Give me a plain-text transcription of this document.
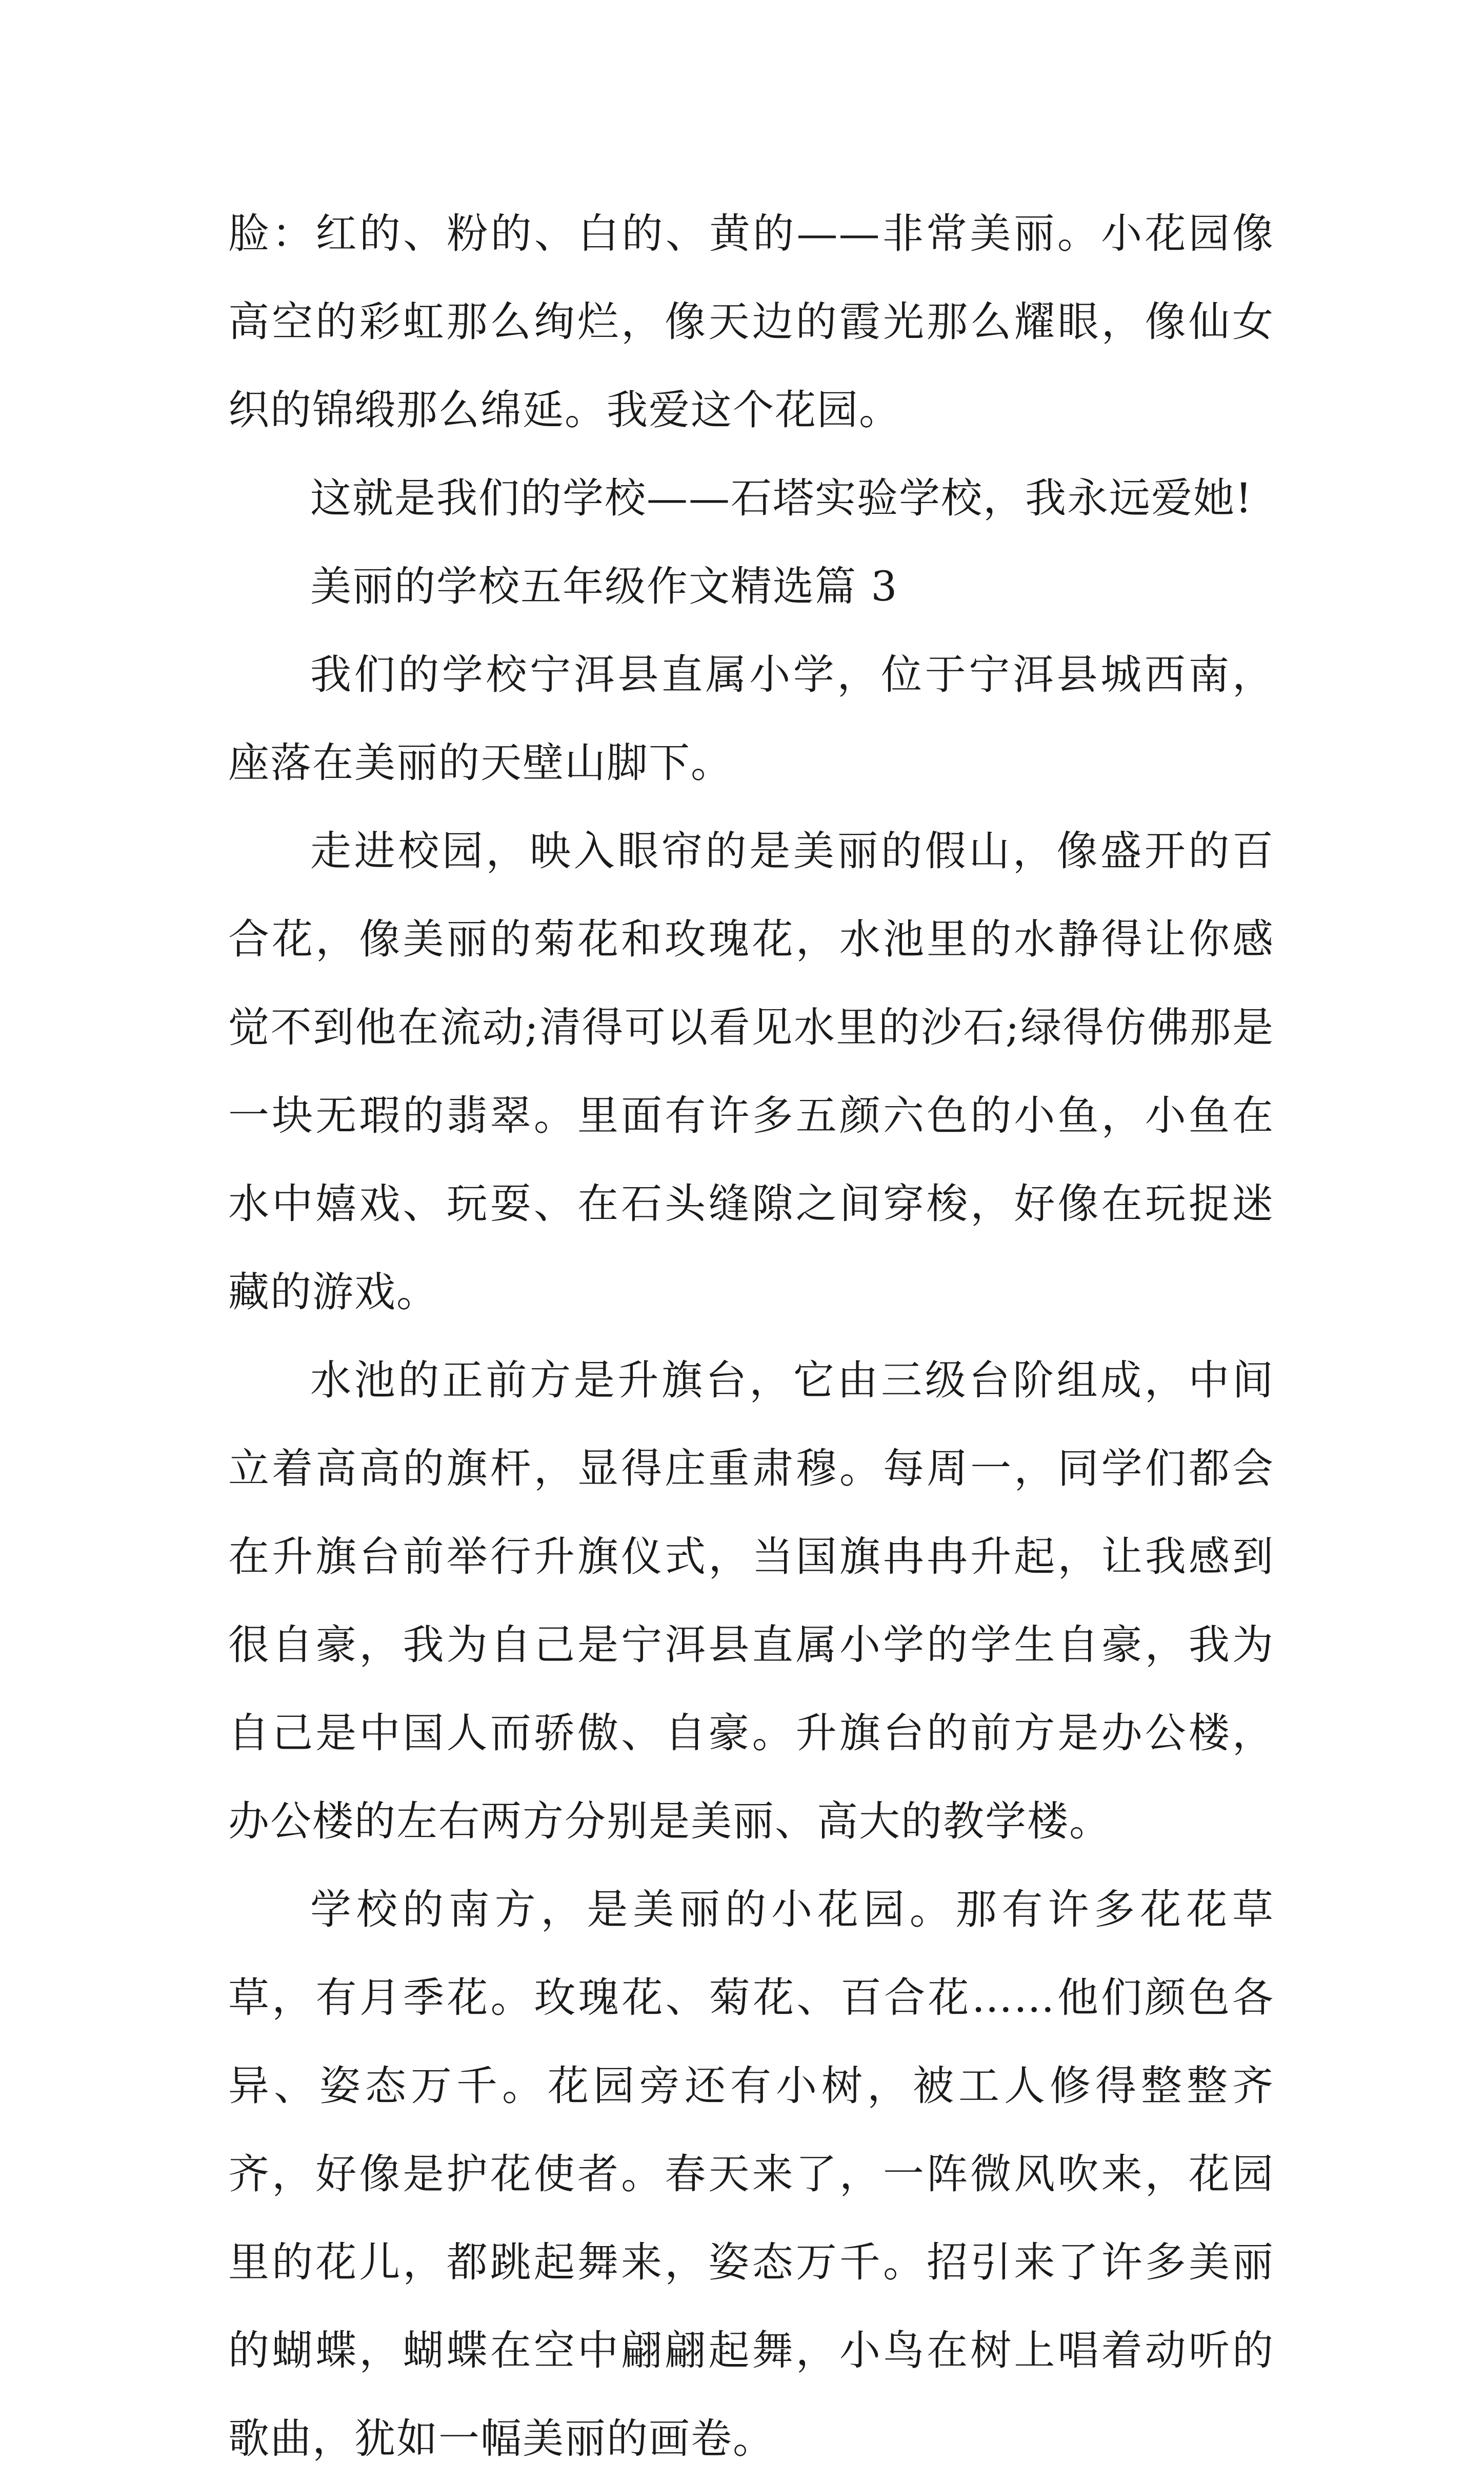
脸：红的、粉的、白的、黄的——非常美丽。小花园像高空的彩虹那么绚烂，像天边的霞光那么耀眼，像仙女织的锦缎那么绵延。我爱这个花园。

这就是我们的学校——石塔实验学校，我永远爱她!

美丽的学校五年级作文精选篇 3

我们的学校宁洱县直属小学，位于宁洱县城西南，座落在美丽的天壁山脚下。

走进校园，映入眼帘的是美丽的假山，像盛开的百合花，像美丽的菊花和玫瑰花，水池里的水静得让你感觉不到他在流动;清得可以看见水里的沙石;绿得仿佛那是一块无瑕的翡翠。里面有许多五颜六色的小鱼，小鱼在水中嬉戏、玩耍、在石头缝隙之间穿梭，好像在玩捉迷藏的游戏。

水池的正前方是升旗台，它由三级台阶组成，中间立着高高的旗杆，显得庄重肃穆。每周一，同学们都会在升旗台前举行升旗仪式，当国旗冉冉升起，让我感到很自豪，我为自己是宁洱县直属小学的学生自豪，我为自己是中国人而骄傲、自豪。升旗台的前方是办公楼，办公楼的左右两方分别是美丽、高大的教学楼。

学校的南方，是美丽的小花园。那有许多花花草草，有月季花。玫瑰花、菊花、百合花……他们颜色各异、姿态万千。花园旁还有小树，被工人修得整整齐齐，好像是护花使者。春天来了，一阵微风吹来，花园里的花儿，都跳起舞来，姿态万千。招引来了许多美丽的蝴蝶，蝴蝶在空中翩翩起舞，小鸟在树上唱着动听的歌曲，犹如一幅美丽的画卷。
